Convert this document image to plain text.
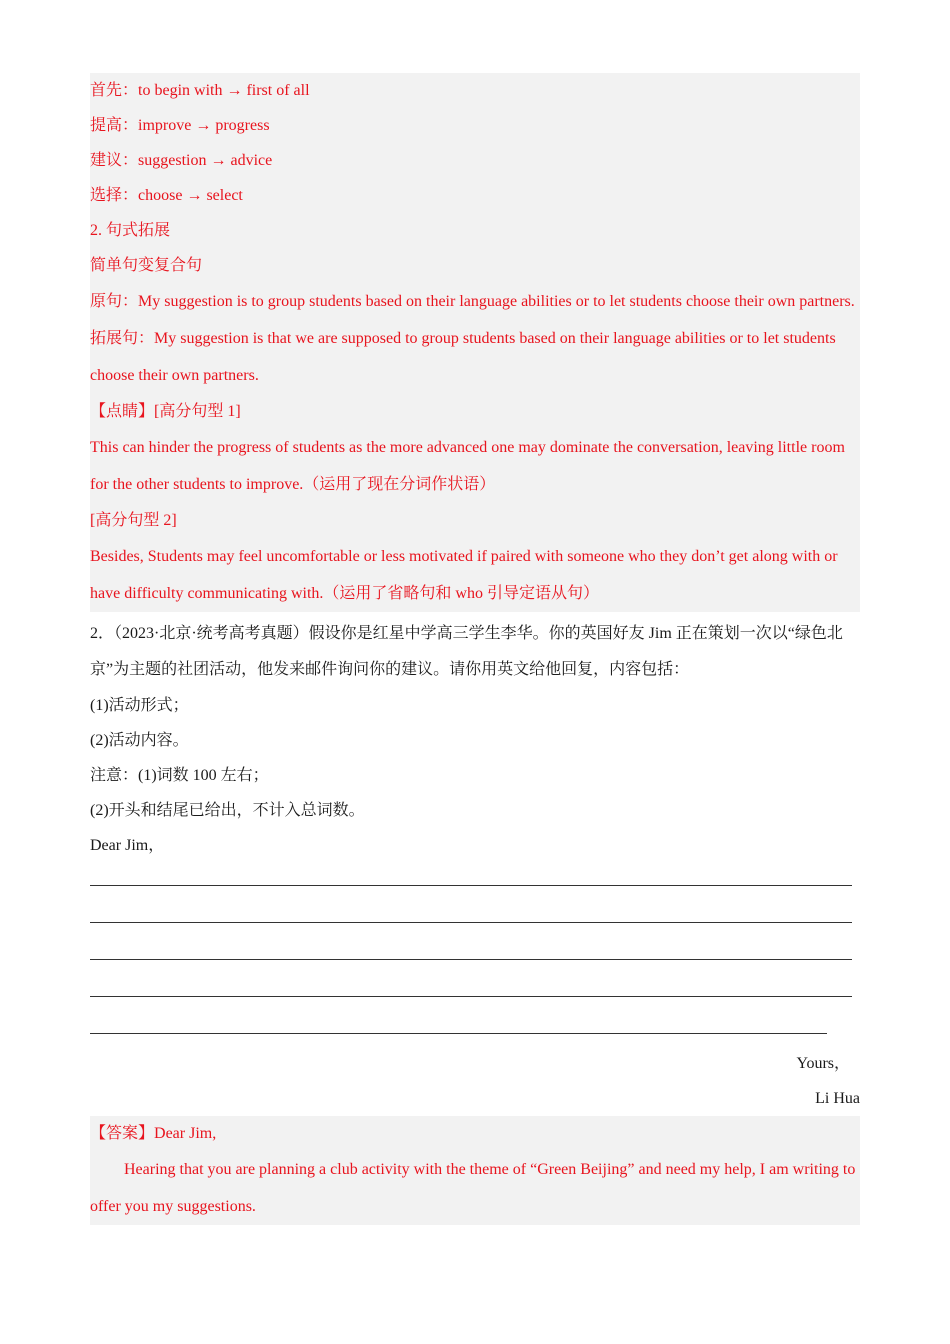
首先：to begin with → first of all
提高：improve → progress
建议：suggestion → advice
选择：choose → select
2. 句式拓展
简单句变复合句
原句：My suggestion is to group students based on their language abilities or to let students choose their own partners.
拓展句：My suggestion is that we are supposed to group students based on their language abilities or to let students choose their own partners.
【点睛】[高分句型 1]
This can hinder the progress of students as the more advanced one may dominate the conversation, leaving little room for the other students to improve.（运用了现在分词作状语）
[高分句型 2]
Besides, Students may feel uncomfortable or less motivated if paired with someone who they don’t get along with or have difficulty communicating with.（运用了省略句和 who 引导定语从句）
2．（2023·北京·统考高考真题）假设你是红星中学高三学生李华。你的英国好友 Jim 正在策划一次以“绿色北京”为主题的社团活动，他发来邮件询问你的建议。请你用英文给他回复，内容包括：
(1)活动形式；
(2)活动内容。
注意：(1)词数 100 左右；
(2)开头和结尾已给出，不计入总词数。
Dear Jim，
Yours，
Li Hua
【答案】Dear Jim,
Hearing that you are planning a club activity with the theme of “Green Beijing” and need my help, I am writing to offer you my suggestions.
